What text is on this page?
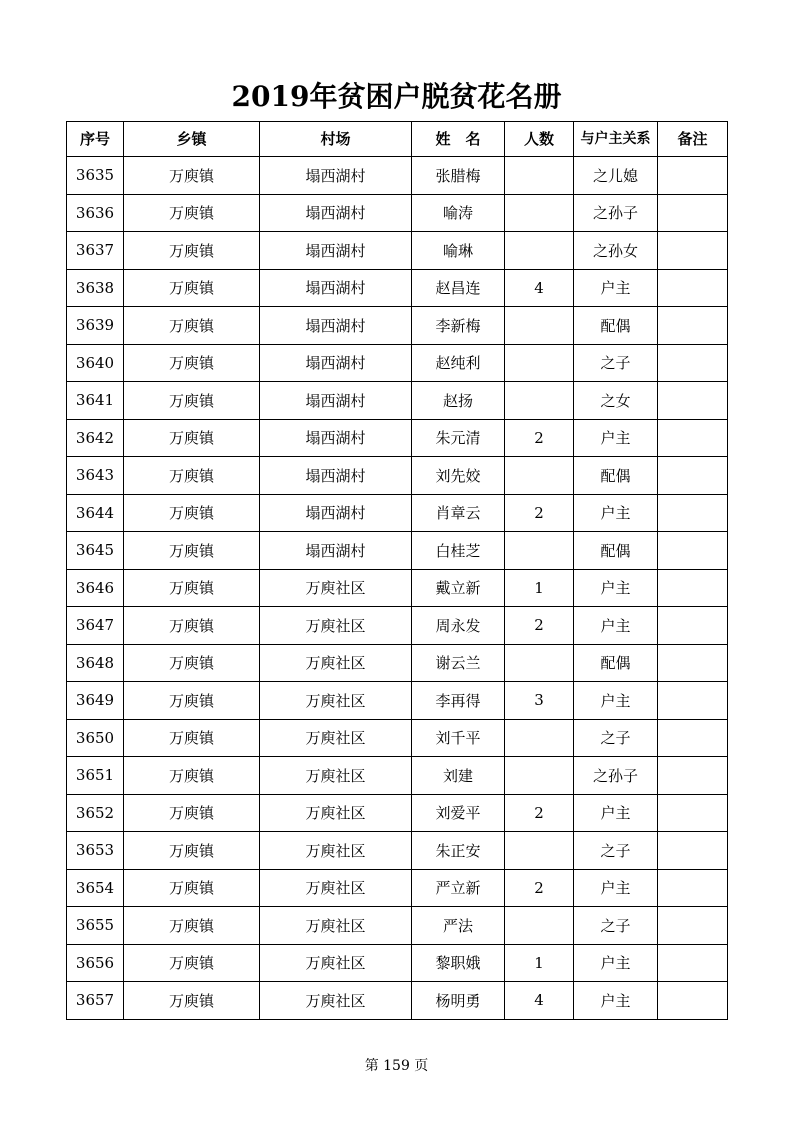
2019年贫困户脱贫花名册
序号	乡镇	村场	姓　名	人数	与户主关系	备注
3635	万庾镇	塌西湖村	张腊梅		之儿媳	
3636	万庾镇	塌西湖村	喻涛		之孙子	
3637	万庾镇	塌西湖村	喻琳		之孙女	
3638	万庾镇	塌西湖村	赵昌连	4	户主	
3639	万庾镇	塌西湖村	李新梅		配偶	
3640	万庾镇	塌西湖村	赵纯利		之子	
3641	万庾镇	塌西湖村	赵扬		之女	
3642	万庾镇	塌西湖村	朱元清	2	户主	
3643	万庾镇	塌西湖村	刘先姣		配偶	
3644	万庾镇	塌西湖村	肖章云	2	户主	
3645	万庾镇	塌西湖村	白桂芝		配偶	
3646	万庾镇	万庾社区	戴立新	1	户主	
3647	万庾镇	万庾社区	周永发	2	户主	
3648	万庾镇	万庾社区	谢云兰		配偶	
3649	万庾镇	万庾社区	李再得	3	户主	
3650	万庾镇	万庾社区	刘千平		之子	
3651	万庾镇	万庾社区	刘建		之孙子	
3652	万庾镇	万庾社区	刘爱平	2	户主	
3653	万庾镇	万庾社区	朱正安		之子	
3654	万庾镇	万庾社区	严立新	2	户主	
3655	万庾镇	万庾社区	严法		之子	
3656	万庾镇	万庾社区	黎职娥	1	户主	
3657	万庾镇	万庾社区	杨明勇	4	户主	
第 159 页
